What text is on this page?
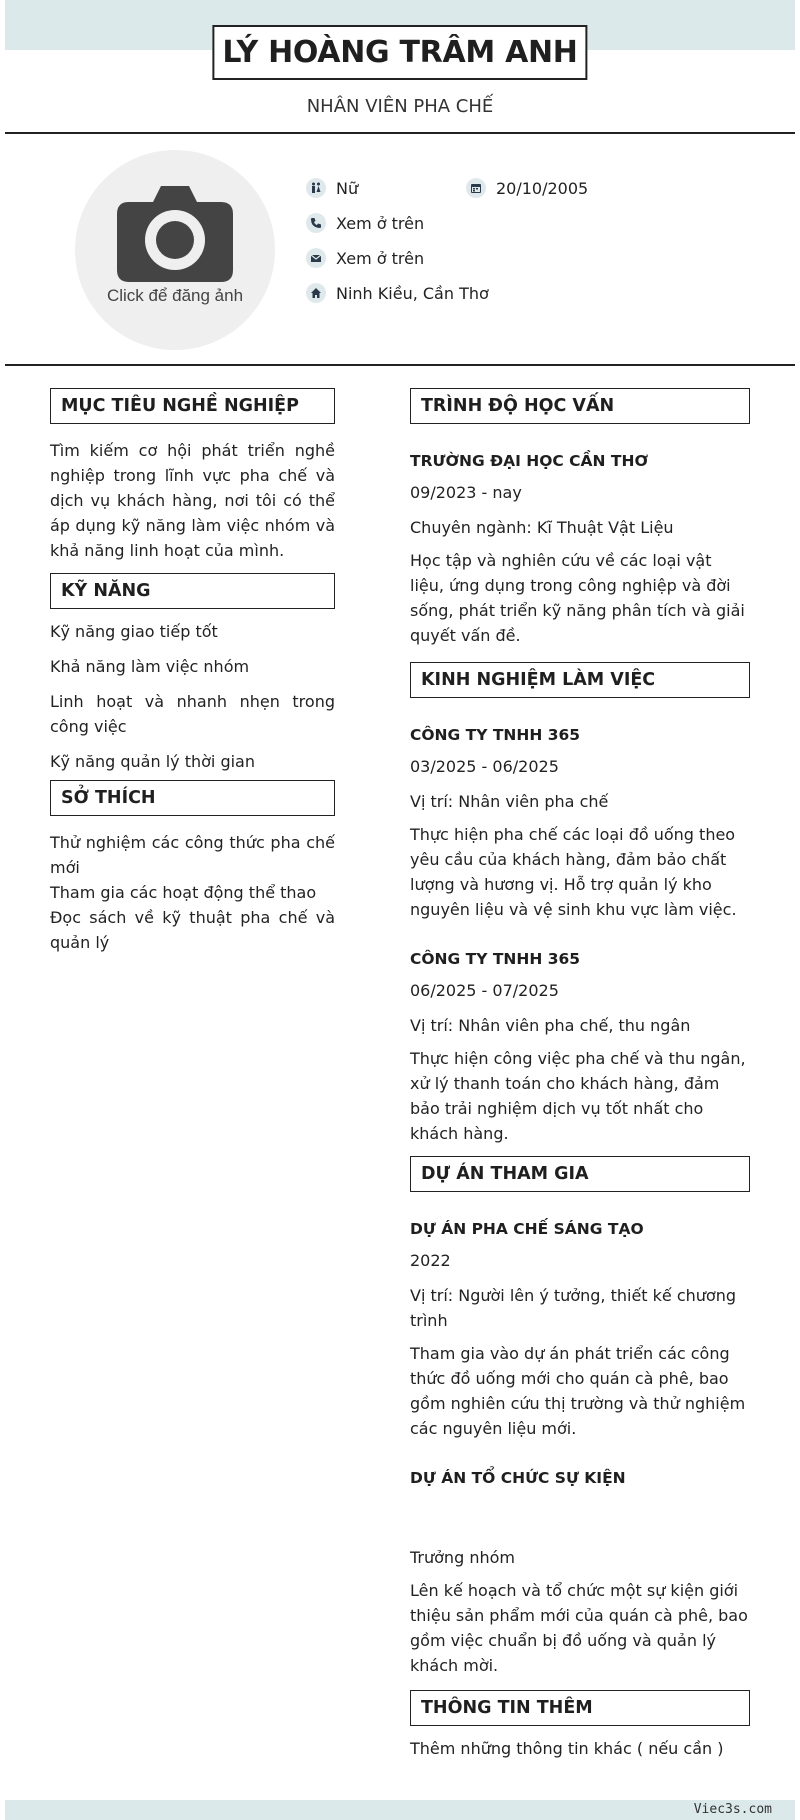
Viec3s.com
LÝ HOÀNG TRÂM ANH
NHÂN VIÊN PHA CHẾ
Click để đăng ảnh
Nữ	20/10/2005
Xem ở trên
Xem ở trên
Ninh Kiều, Cần Thơ
MỤC TIÊU NGHỀ NGHIỆP
Tìm kiếm cơ hội phát triển nghề nghiệp trong lĩnh vực pha chế và dịch vụ khách hàng, nơi tôi có thể áp dụng kỹ năng làm việc nhóm và khả năng linh hoạt của mình.
KỸ NĂNG
Kỹ năng giao tiếp tốt
Khả năng làm việc nhóm
Linh hoạt và nhanh nhẹn trong công việc
Kỹ năng quản lý thời gian
SỞ THÍCH
Thử nghiệm các công thức pha chế mới
Tham gia các hoạt động thể thao
Đọc sách về kỹ thuật pha chế và quản lý
TRÌNH ĐỘ HỌC VẤN
TRƯỜNG ĐẠI HỌC CẦN THƠ
09/2023 - nay
Chuyên ngành: Kĩ Thuật Vật Liệu
Học tập và nghiên cứu về các loại vật liệu, ứng dụng trong công nghiệp và đời sống, phát triển kỹ năng phân tích và giải quyết vấn đề.
KINH NGHIỆM LÀM VIỆC
CÔNG TY TNHH 365
03/2025 - 06/2025
Vị trí: Nhân viên pha chế
Thực hiện pha chế các loại đồ uống theo yêu cầu của khách hàng, đảm bảo chất lượng và hương vị. Hỗ trợ quản lý kho nguyên liệu và vệ sinh khu vực làm việc.
CÔNG TY TNHH 365
06/2025 - 07/2025
Vị trí: Nhân viên pha chế, thu ngân
Thực hiện công việc pha chế và thu ngân, xử lý thanh toán cho khách hàng, đảm bảo trải nghiệm dịch vụ tốt nhất cho khách hàng.
DỰ ÁN THAM GIA
DỰ ÁN PHA CHẾ SÁNG TẠO
2022
Vị trí: Người lên ý tưởng, thiết kế chương trình
Tham gia vào dự án phát triển các công thức đồ uống mới cho quán cà phê, bao gồm nghiên cứu thị trường và thử nghiệm các nguyên liệu mới.
DỰ ÁN TỔ CHỨC SỰ KIỆN
Trưởng nhóm
Lên kế hoạch và tổ chức một sự kiện giới thiệu sản phẩm mới của quán cà phê, bao gồm việc chuẩn bị đồ uống và quản lý khách mời.
THÔNG TIN THÊM
Thêm những thông tin khác ( nếu cần )
